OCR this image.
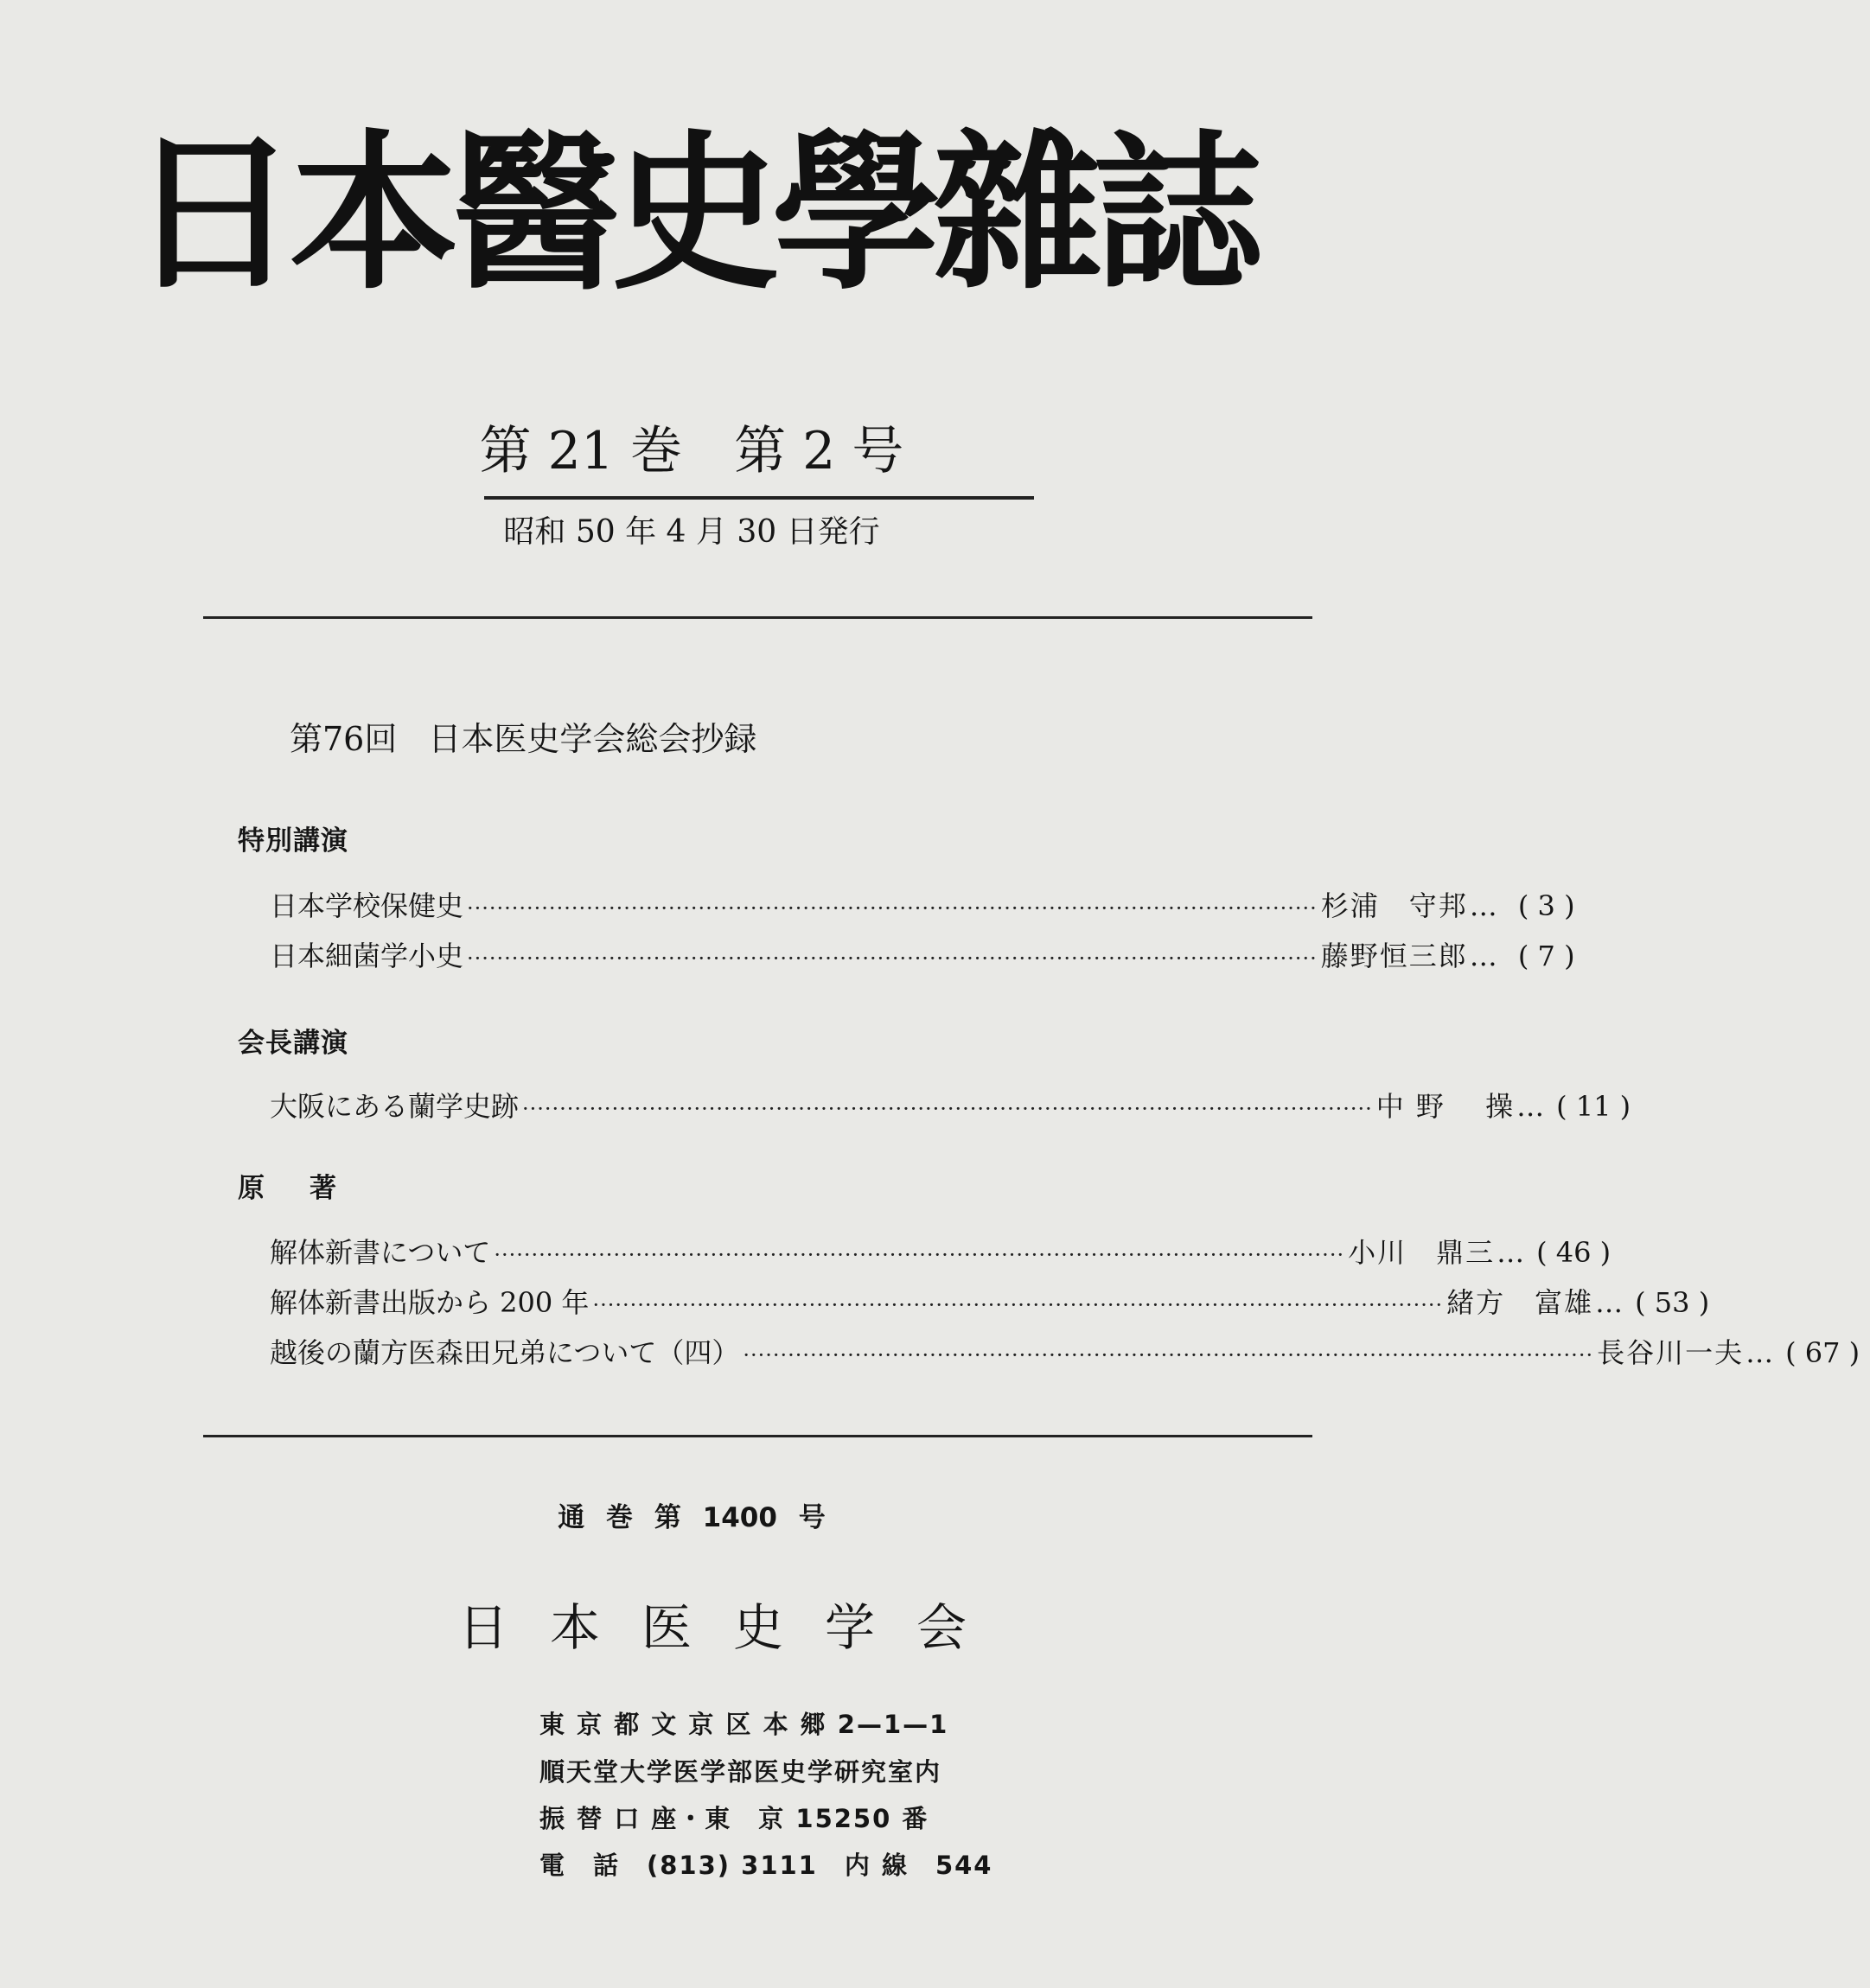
日本醫史學雜誌
第 21 巻　第 2 号
昭和 50 年 4 月 30 日発行
第76回 日本医史学会総会抄録
特別講演
日本学校保健史 ·················································································································· 杉浦　守邦 … ( 3 )
日本細菌学小史 ·················································································································· 藤野恒三郎 … ( 7 )
会長講演
大阪にある蘭学史跡 ·················································································································· 中 野　 操 … ( 11 )
原著
解体新書について ·················································································································· 小川　鼎三 … ( 46 )
解体新書出版から 200 年 ·················································································································· 緒方　富雄 … ( 53 )
越後の蘭方医森田兄弟について（四） ·················································································································· 長谷川一夫 … ( 67 )
通 巻 第 1400 号
日本医史学会
東 京 都 文 京 区 本 郷 2—1—1
順天堂大学医学部医史学研究室内
振 替 口 座・東　京 15250 番
電　話　(813) 3111　内 線　544
